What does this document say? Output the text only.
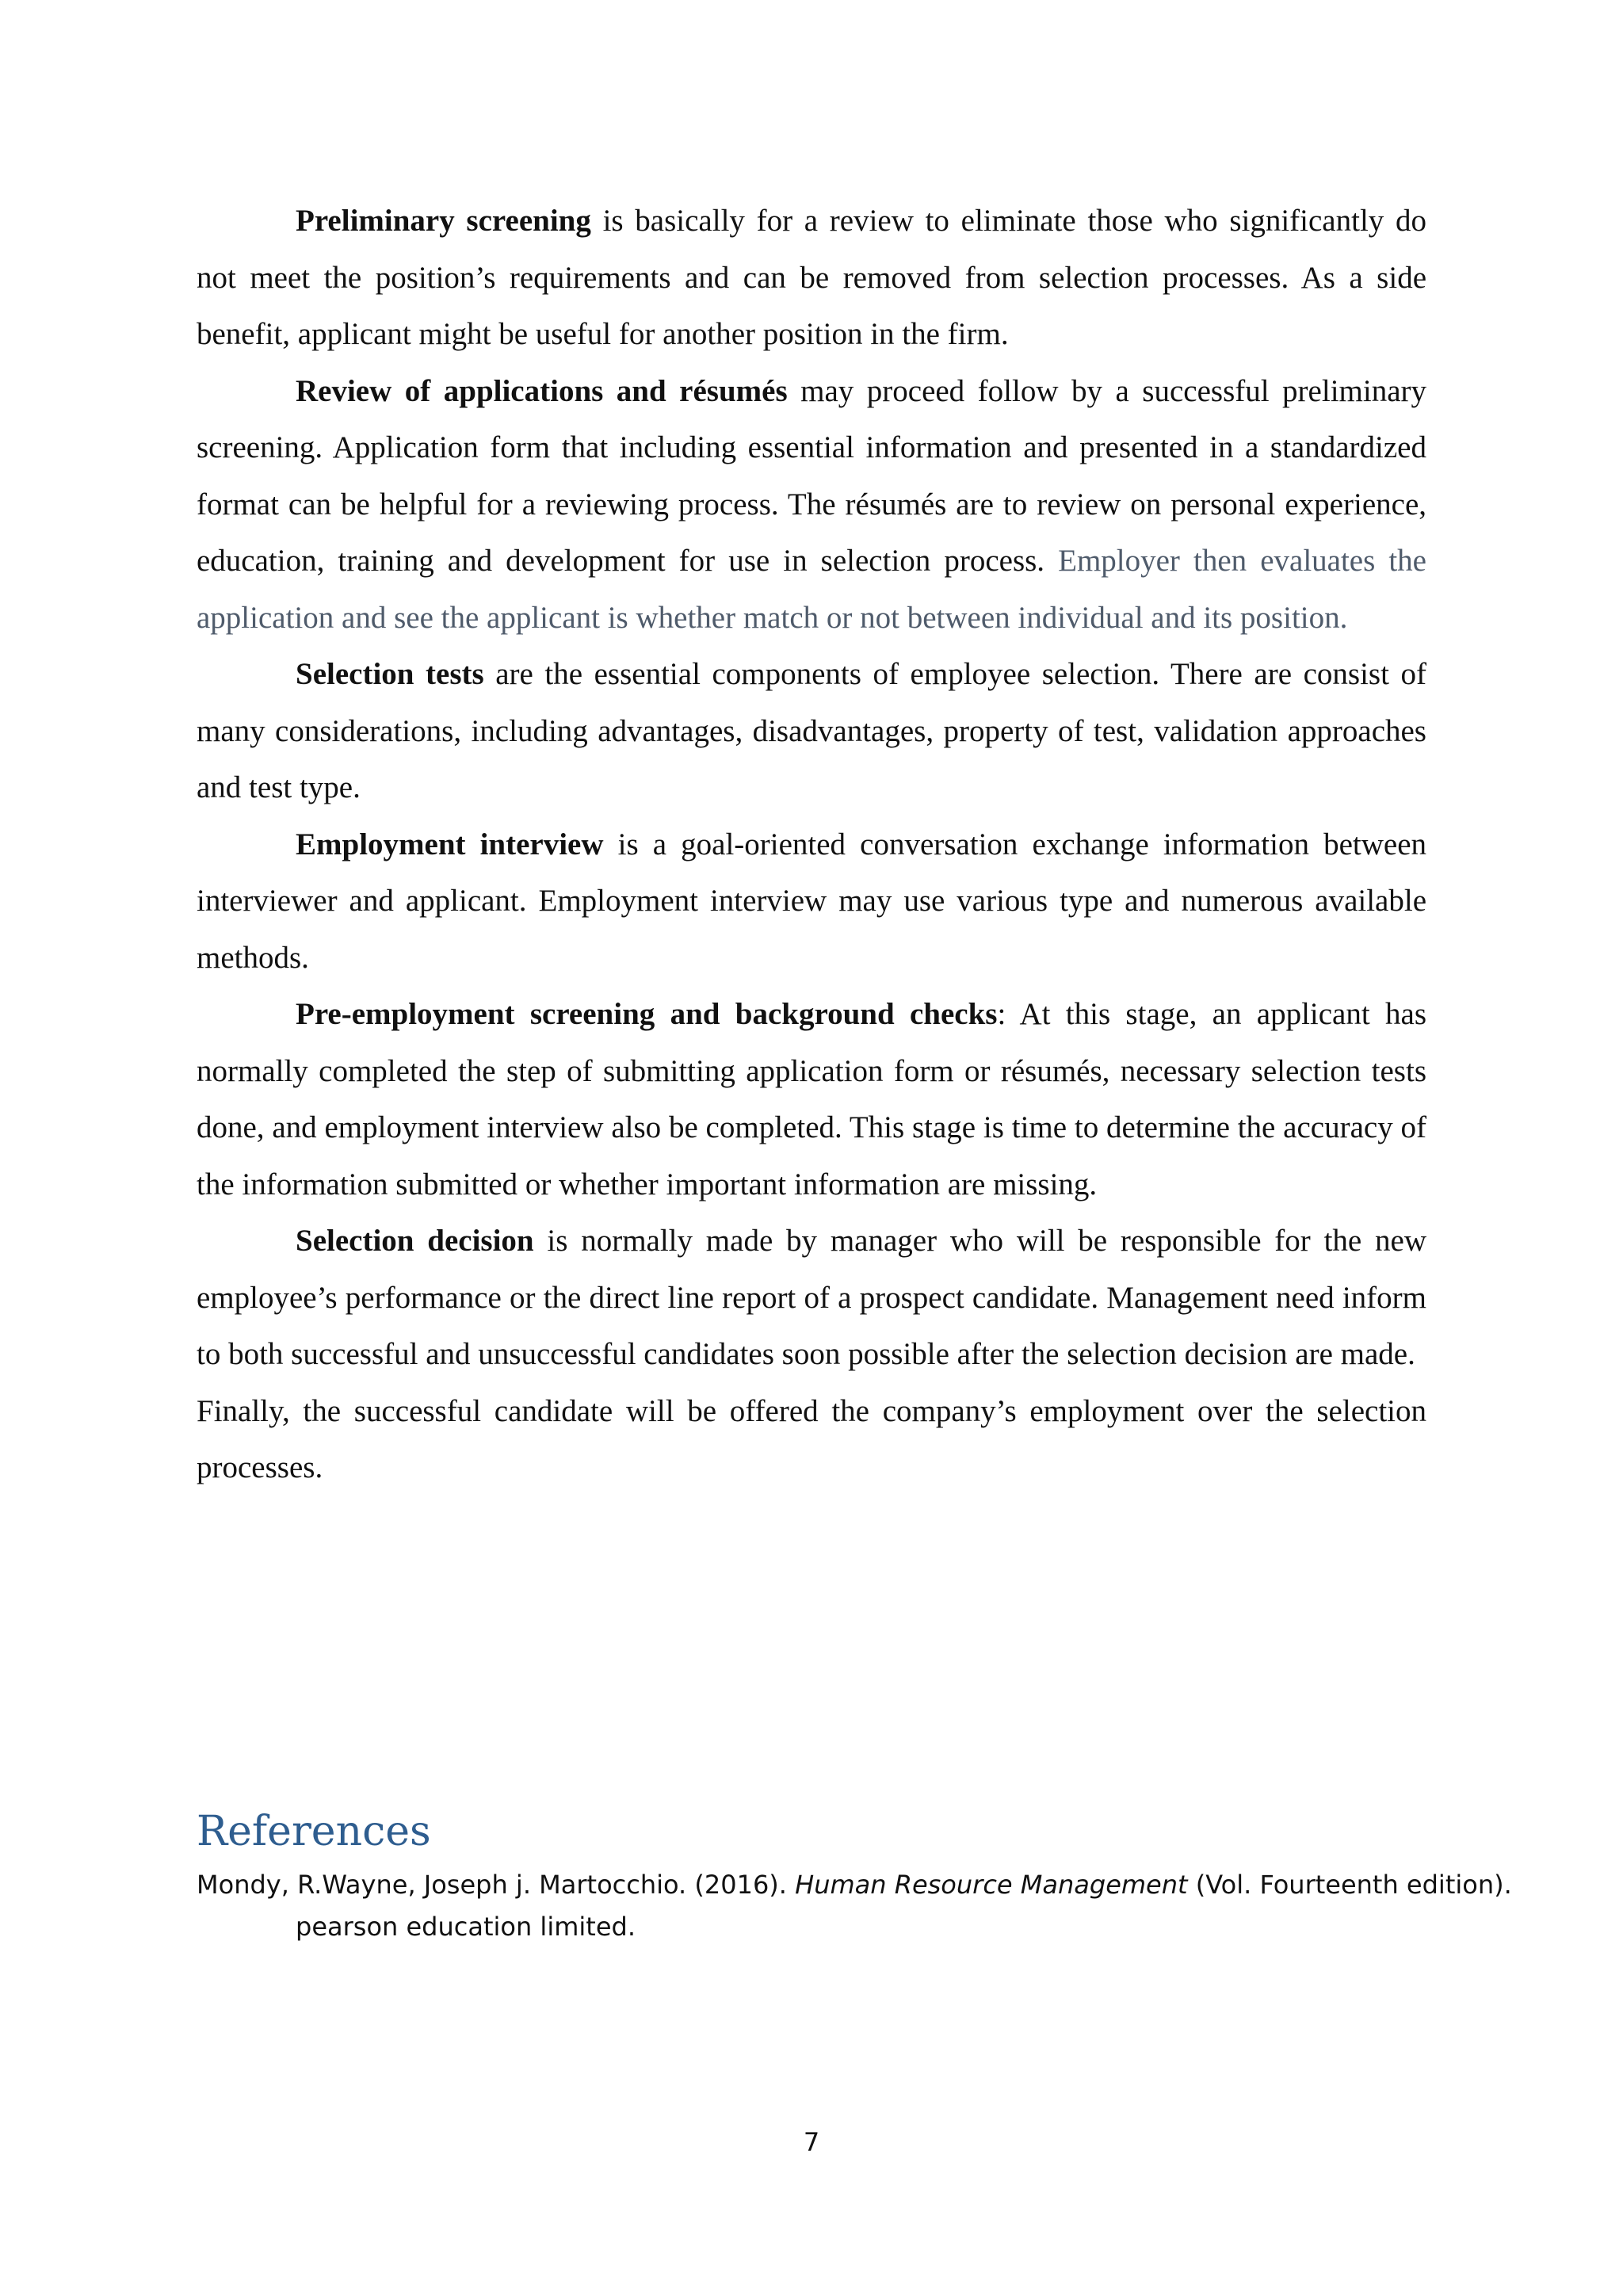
Preliminary screening is basically for a review to eliminate those who significantly do not meet the position’s requirements and can be removed from selection processes. As a side benefit, applicant might be useful for another position in the firm.

Review of applications and résumés may proceed follow by a successful preliminary screening. Application form that including essential information and presented in a standardized format can be helpful for a reviewing process. The résumés are to review on personal experience, education, training and development for use in selection process. Employer then evaluates the application and see the applicant is whether match or not between individual and its position.

Selection tests are the essential components of employee selection. There are consist of many considerations, including advantages, disadvantages, property of test, validation approaches and test type.

Employment interview is a goal-oriented conversation exchange information between interviewer and applicant. Employment interview may use various type and numerous available methods.

Pre-employment screening and background checks: At this stage, an applicant has normally completed the step of submitting application form or résumés, necessary selection tests done, and employment interview also be completed. This stage is time to determine the accuracy of the information submitted or whether important information are missing.

Selection decision is normally made by manager who will be responsible for the new employee’s performance or the direct line report of a prospect candidate. Management need inform to both successful and unsuccessful candidates soon possible after the selection decision are made.

Finally, the successful candidate will be offered the company’s employment over the selection processes.

References

Mondy, R.Wayne, Joseph j. Martocchio. (2016). Human Resource Management (Vol. Fourteenth edition). pearson education limited.

7
